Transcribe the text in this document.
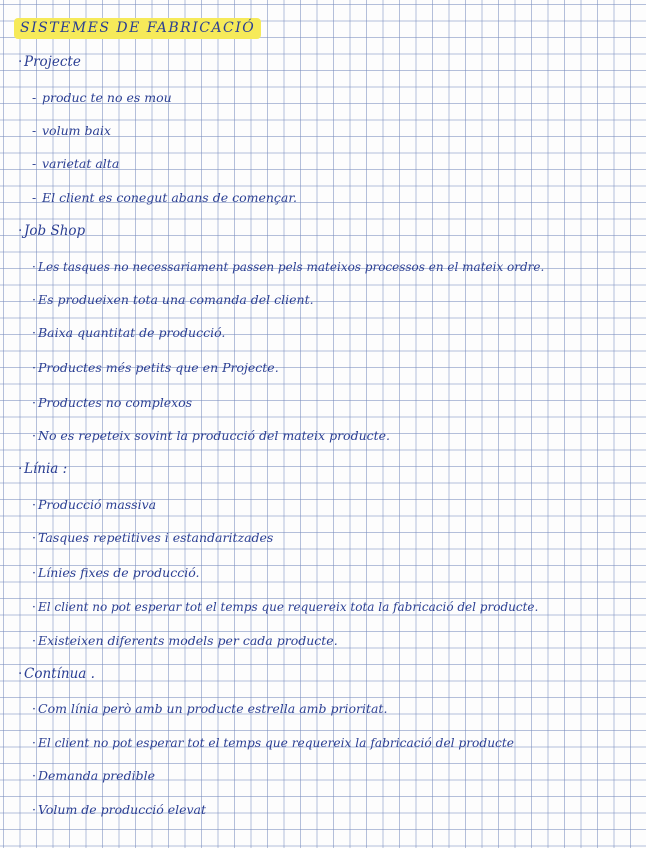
SISTEMES DE FABRICACIÓ
· Projecte
- produc te no es mou
- volum baix
- varietat alta
- El client es conegut abans de començar.
· Job Shop
· Les tasques no necessariament passen pels mateixos processos en el mateix ordre.
· Es produeixen tota una comanda del client.
· Baixa quantitat de producció.
· Productes més petits que en Projecte.
· Productes no complexos
· No es repeteix sovint la producció del mateix producte.
· Línia :
· Producció massiva
· Tasques repetitives i estandaritzades
· Línies fixes de producció.
· El client no pot esperar tot el temps que requereix tota la fabricació del producte.
· Existeixen diferents models per cada producte.
· Contínua .
· Com línia però amb un producte estrella amb prioritat.
· El client no pot esperar tot el temps que requereix la fabricació del producte
· Demanda predible
· Volum de producció elevat
